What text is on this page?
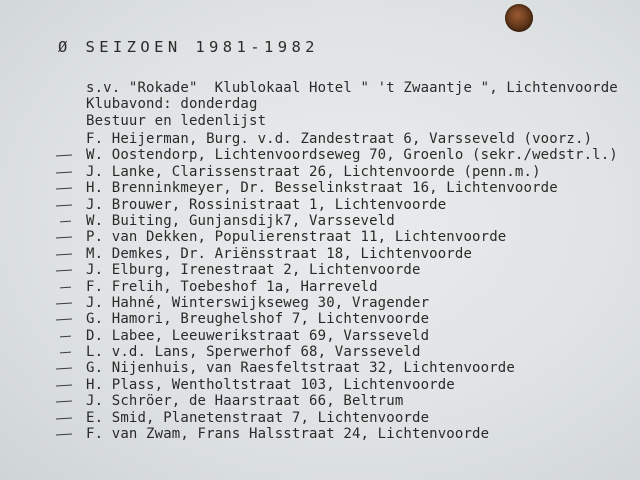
Ø SEIZOEN 1981-1982
s.v. "Rokade"  Klublokaal Hotel " 't Zwaantje ", Lichtenvoorde
Klubavond: donderdag
Bestuur en ledenlijst
F. Heijerman, Burg. v.d. Zandestraat 6, Varsseveld (voorz.)
W. Oostendorp, Lichtenvoordseweg 70, Groenlo (sekr./wedstr.l.)
J. Lanke, Clarissenstraat 26, Lichtenvoorde (penn.m.)
H. Brenninkmeyer, Dr. Besselinkstraat 16, Lichtenvoorde
J. Brouwer, Rossinistraat 1, Lichtenvoorde
W. Buiting, Gunjansdijk7, Varsseveld
P. van Dekken, Populierenstraat 11, Lichtenvoorde
M. Demkes, Dr. Ariënsstraat 18, Lichtenvoorde
J. Elburg, Irenestraat 2, Lichtenvoorde
F. Frelih, Toebeshof 1a, Harreveld
J. Hahné, Winterswijkseweg 30, Vragender
G. Hamori, Breughelshof 7, Lichtenvoorde
D. Labee, Leeuwerikstraat 69, Varsseveld
L. v.d. Lans, Sperwerhof 68, Varsseveld
G. Nijenhuis, van Raesfeltstraat 32, Lichtenvoorde
H. Plass, Wentholtstraat 103, Lichtenvoorde
J. Schröer, de Haarstraat 66, Beltrum
E. Smid, Planetenstraat 7, Lichtenvoorde
F. van Zwam, Frans Halsstraat 24, Lichtenvoorde
